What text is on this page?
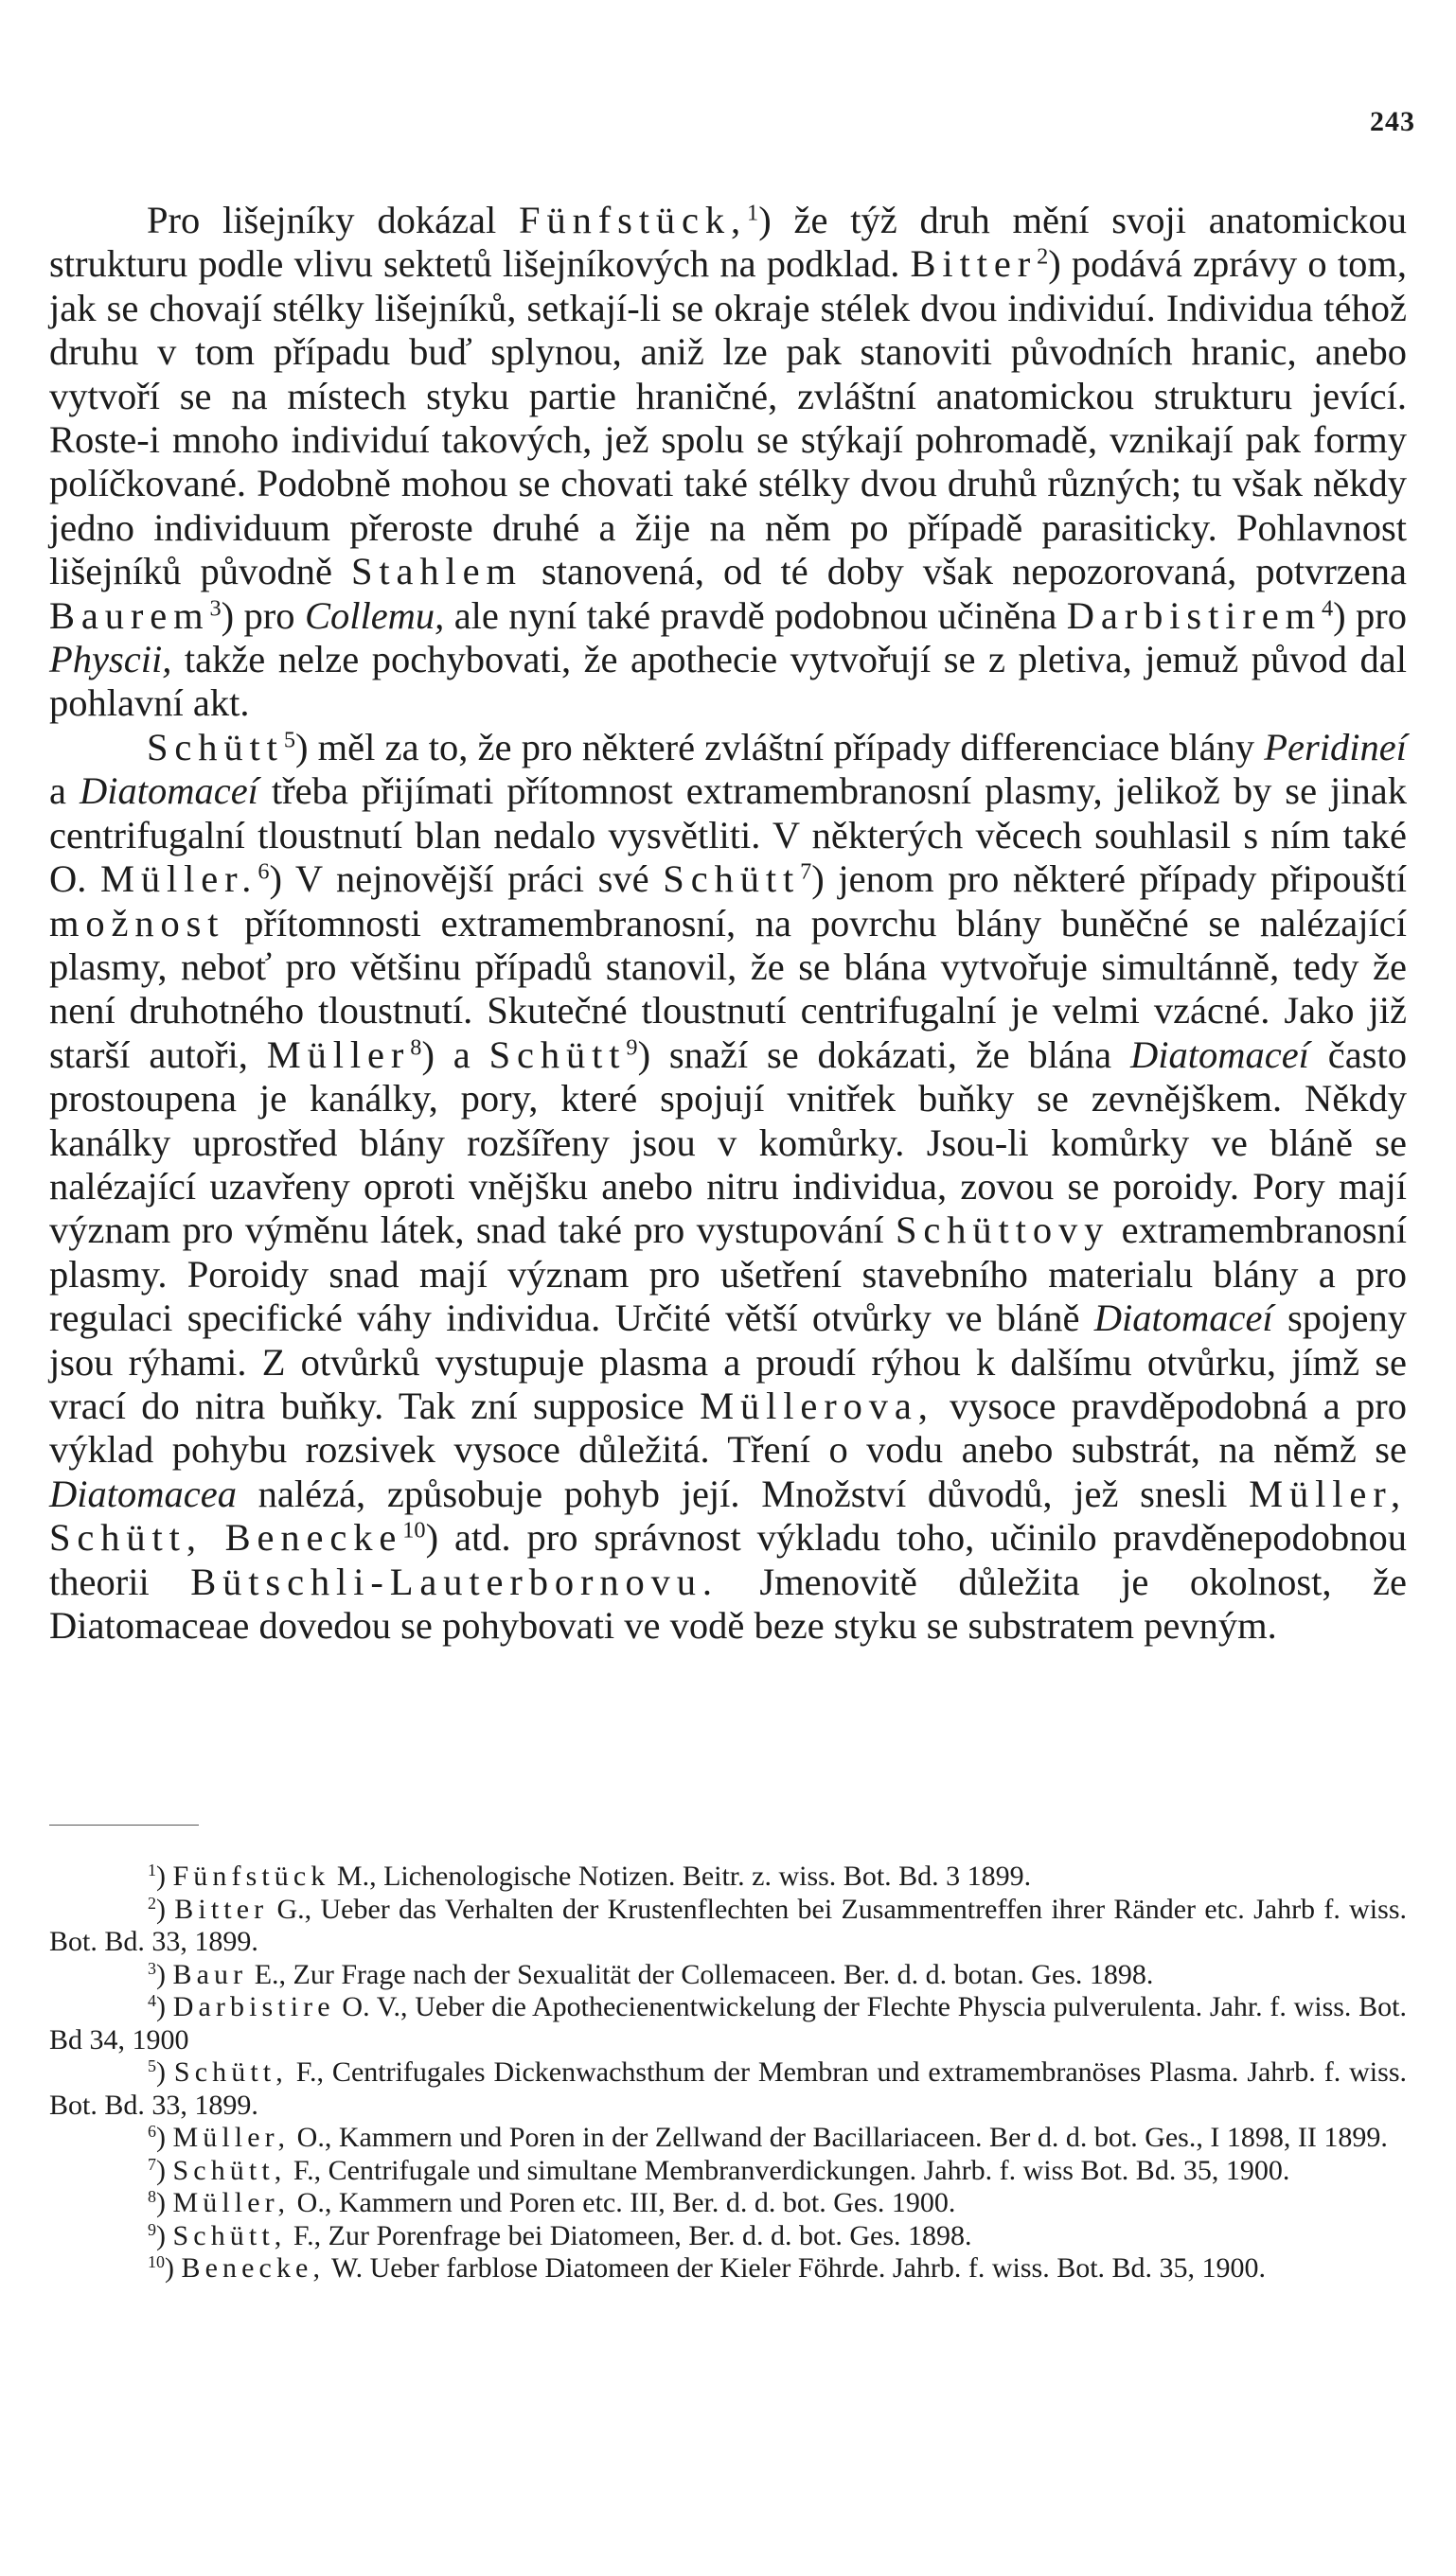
243

Pro lišejníky dokázal Fünfstück,$^1$) že týž druh mění svoji anatomickou strukturu podle vlivu sektetů lišejníkových na podklad. Bitter$^2$) podává zprávy o tom, jak se chovají stélky lišejníků, setkají-li se okraje stélek dvou individuí. Individua téhož druhu v tom případu buď splynou, aniž lze pak stanoviti původních hranic, anebo vytvoří se na místech styku partie hraničné, zvláštní anatomickou strukturu jevící. Roste-i mnoho individuí takových, jež spolu se stýkají pohromadě, vznikají pak formy políčkované. Podobně mohou se chovati také stélky dvou druhů různých; tu však někdy jedno individuum přeroste druhé a žije na něm po případě parasiticky. Pohlavnost lišejníků původně Stahlem stanovená, od té doby však nepozorovaná, potvrzena Baurem$^3$) pro Collemu, ale nyní také pravdě podobnou učiněna Darbistirem$^4$) pro Physcii, takže nelze pochybovati, že apothecie vytvořují se z pletiva, jemuž původ dal pohlavní akt.

Schütt$^5$) měl za to, že pro některé zvláštní případy differenciace blány Peridineí a Diatomaceí třeba přijímati přítomnost extramembranosní plasmy, jelikož by se jinak centrifugalní tloustnutí blan nedalo vysvětliti. V některých věcech souhlasil s ním také O. Müller.$^6$) V nejnovější práci své Schütt$^7$) jenom pro některé případy připouští možnost přítomnosti extramembranosní, na povrchu blány buněčné se nalézající plasmy, neboť pro většinu případů stanovil, že se blána vytvořuje simultánně, tedy že není druhotného tloustnutí. Skutečné tloustnutí centrifugalní je velmi vzácné. Jako již starší autoři, Müller$^8$) a Schütt$^9$) snaží se dokázati, že blána Diatomaceí často prostoupena je kanálky, pory, které spojují vnitřek buňky se zevnějškem. Někdy kanálky uprostřed blány rozšířeny jsou v komůrky. Jsou-li komůrky ve bláně se nalézající uzavřeny oproti vnějšku anebo nitru individua, zovou se poroidy. Pory mají význam pro výměnu látek, snad také pro vystupování Schüttovy extramembranosní plasmy. Poroidy snad mají význam pro ušetření stavebního materialu blány a pro regulaci specifické váhy individua. Určité větší otvůrky ve bláně Diatomaceí spojeny jsou rýhami. Z otvůrků vystupuje plasma a proudí rýhou k dalšímu otvůrku, jímž se vrací do nitra buňky. Tak zní supposice Müllerova, vysoce pravděpodobná a pro výklad pohybu rozsivek vysoce důležitá. Tření o vodu anebo substrát, na němž se Diatomacea nalézá, způsobuje pohyb její. Množství důvodů, jež snesli Müller, Schütt, Benecke$^{10}$) atd. pro správnost výkladu toho, učinilo pravděnepodobnou theorii Bütschli-Lauterbornovu. Jmenovitě důležita je okolnost, že Diatomaceae dovedou se pohybovati ve vodě beze styku se substratem pevným.

$^1$) Fünfstück M., Lichenologische Notizen. Beitr. z. wiss. Bot. Bd. 3 1899.

$^2$) Bitter G., Ueber das Verhalten der Krustenflechten bei Zusammentreffen ihrer Ränder etc. Jahrb f. wiss. Bot. Bd. 33, 1899.

$^3$) Baur E., Zur Frage nach der Sexualität der Collemaceen. Ber. d. d. botan. Ges. 1898.

$^4$) Darbistire O. V., Ueber die Apothecienentwickelung der Flechte Physcia pulverulenta. Jahr. f. wiss. Bot. Bd 34, 1900

$^5$) Schütt, F., Centrifugales Dickenwachsthum der Membran und extramembranöses Plasma. Jahrb. f. wiss. Bot. Bd. 33, 1899.

$^6$) Müller, O., Kammern und Poren in der Zellwand der Bacillariaceen. Ber d. d. bot. Ges., I 1898, II 1899.

$^7$) Schütt, F., Centrifugale und simultane Membranverdickungen. Jahrb. f. wiss Bot. Bd. 35, 1900.

$^8$) Müller, O., Kammern und Poren etc. III, Ber. d. d. bot. Ges. 1900.

$^9$) Schütt, F., Zur Porenfrage bei Diatomeen, Ber. d. d. bot. Ges. 1898.

$^{10}$) Benecke, W. Ueber farblose Diatomeen der Kieler Föhrde. Jahrb. f. wiss. Bot. Bd. 35, 1900.
